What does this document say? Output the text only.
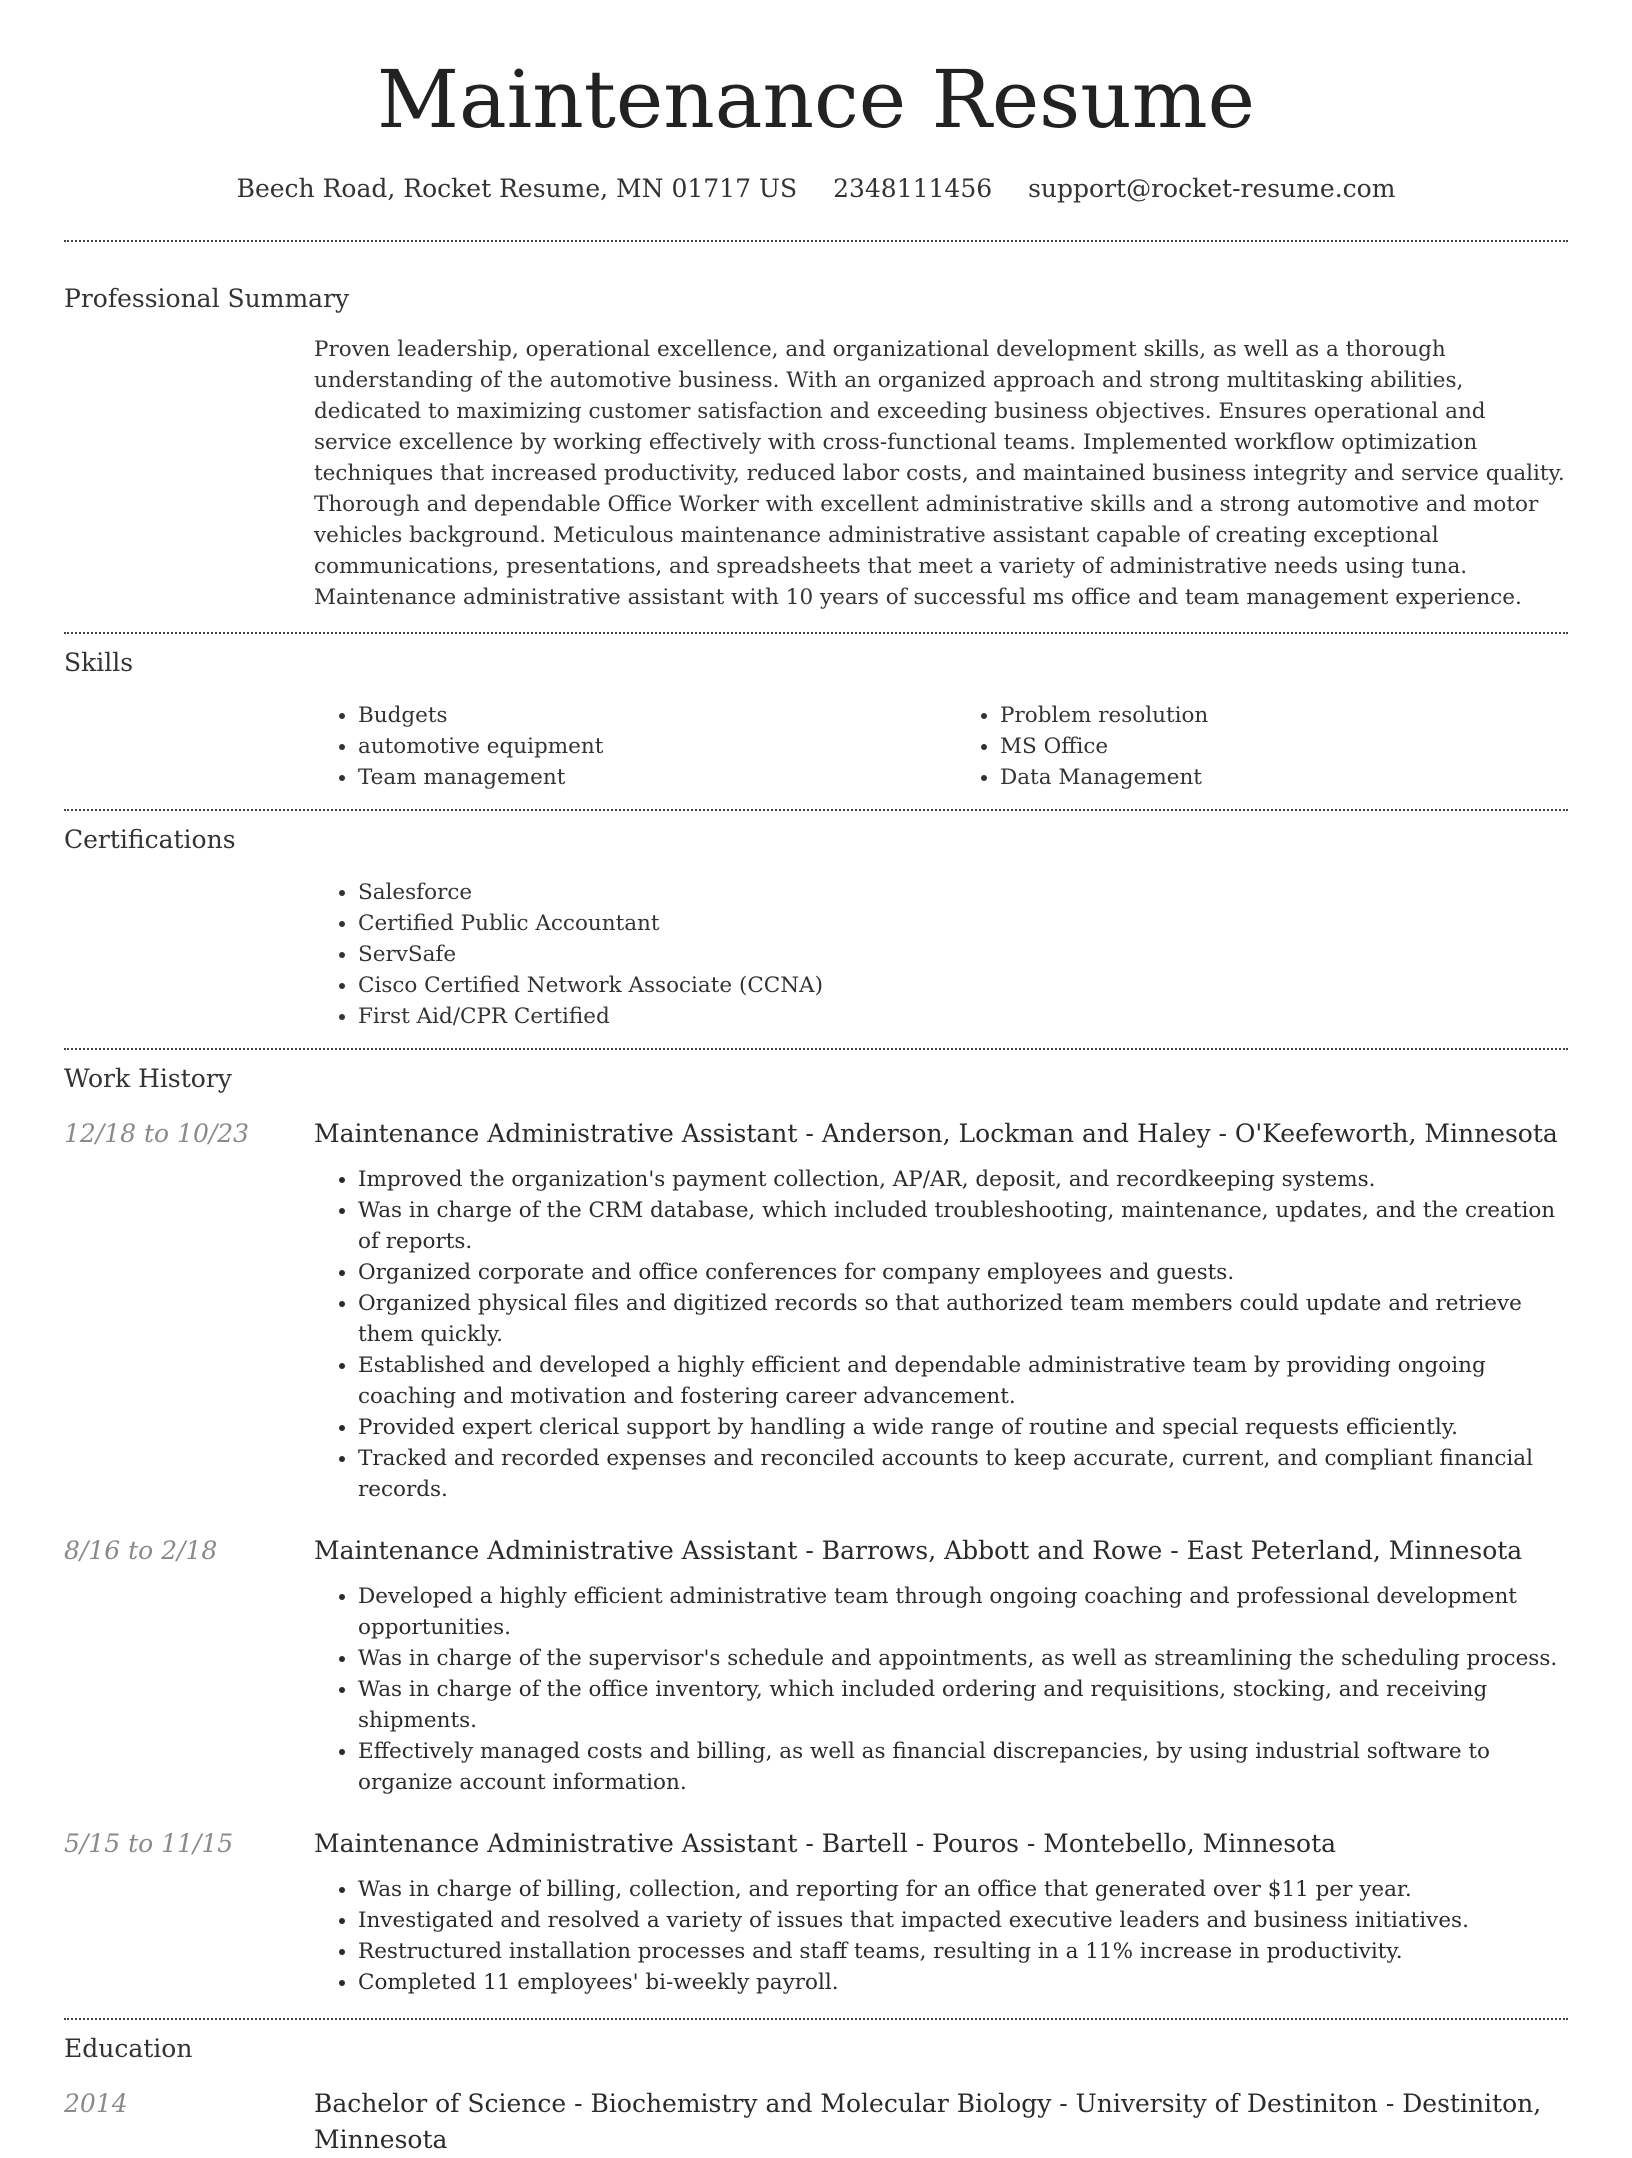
Maintenance Resume
Beech Road, Rocket Resume, MN 01717 US 2348111456 support@rocket-resume.com
Professional Summary

Proven leadership, operational excellence, and organizational development skills, as well as a thorough understanding of the automotive business. With an organized approach and strong multitasking abilities, dedicated to maximizing customer satisfaction and exceeding business objectives. Ensures operational and service excellence by working effectively with cross-functional teams. Implemented workflow optimization techniques that increased productivity, reduced labor costs, and maintained business integrity and service quality. Thorough and dependable Office Worker with excellent administrative skills and a strong automotive and motor vehicles background. Meticulous maintenance administrative assistant capable of creating exceptional communications, presentations, and spreadsheets that meet a variety of administrative needs using tuna. Maintenance administrative assistant with 10 years of successful ms office and team management experience.

Skills
• Budgets
• automotive equipment
• Team management
• Problem resolution
• MS Office
• Data Management
Certifications
• Salesforce
• Certified Public Accountant
• ServSafe
• Cisco Certified Network Associate (CCNA)
• First Aid/CPR Certified
Work History
12/18 to 10/23	Maintenance Administrative Assistant - Anderson, Lockman and Haley - O'Keefeworth, Minnesota
• Improved the organization's payment collection, AP/AR, deposit, and recordkeeping systems.
• Was in charge of the CRM database, which included troubleshooting, maintenance, updates, and the creation of reports.
• Organized corporate and office conferences for company employees and guests.
• Organized physical files and digitized records so that authorized team members could update and retrieve them quickly.
• Established and developed a highly efficient and dependable administrative team by providing ongoing coaching and motivation and fostering career advancement.
• Provided expert clerical support by handling a wide range of routine and special requests efficiently.
• Tracked and recorded expenses and reconciled accounts to keep accurate, current, and compliant financial records.
8/16 to 2/18	Maintenance Administrative Assistant - Barrows, Abbott and Rowe - East Peterland, Minnesota
• Developed a highly efficient administrative team through ongoing coaching and professional development opportunities.
• Was in charge of the supervisor's schedule and appointments, as well as streamlining the scheduling process.
• Was in charge of the office inventory, which included ordering and requisitions, stocking, and receiving shipments.
• Effectively managed costs and billing, as well as financial discrepancies, by using industrial software to organize account information.
5/15 to 11/15	Maintenance Administrative Assistant - Bartell - Pouros - Montebello, Minnesota
• Was in charge of billing, collection, and reporting for an office that generated over $11 per year.
• Investigated and resolved a variety of issues that impacted executive leaders and business initiatives.
• Restructured installation processes and staff teams, resulting in a 11% increase in productivity.
• Completed 11 employees' bi-weekly payroll.
Education
2014	Bachelor of Science - Biochemistry and Molecular Biology - University of Destiniton - Destiniton, Minnesota
